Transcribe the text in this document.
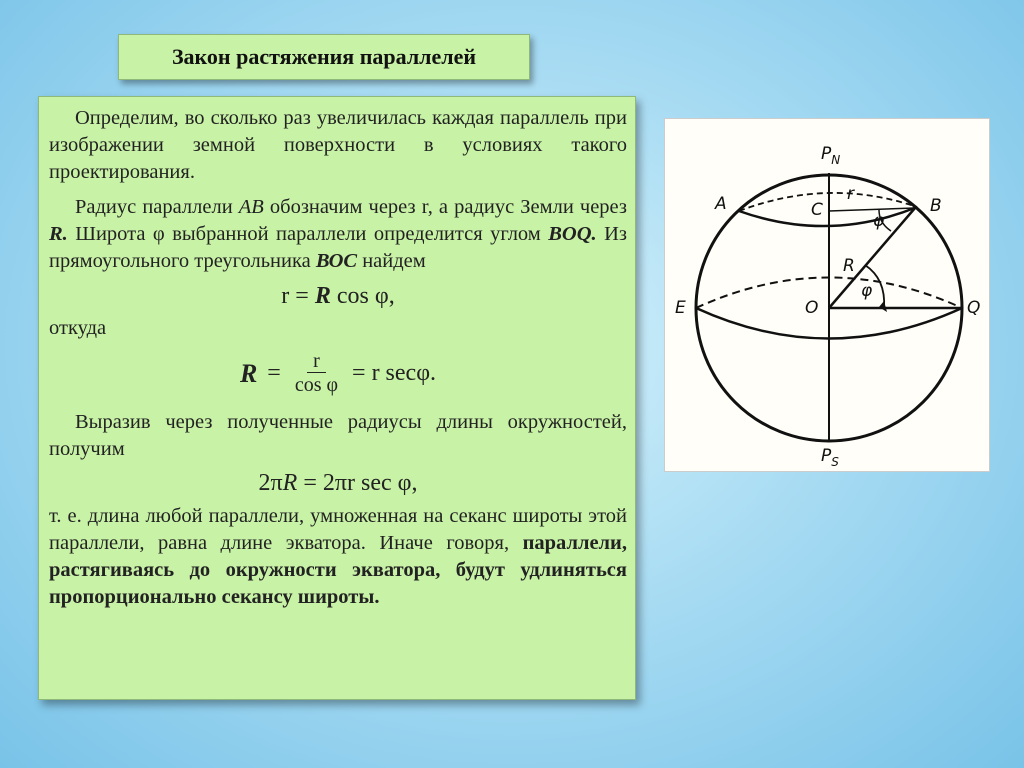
Закон растяжения параллелей

Определим, во сколько раз увеличилась каждая параллель при изображении земной поверхности в условиях такого проектирования.

Радиус параллели АВ обозначим через r, а радиус Земли через R. Широта φ выбранной параллели определится углом BOQ. Из прямоугольного треугольника ВОС найдем

r = R cos φ,
откуда
$R = \frac{r}{\text{cos φ}} = r$ secφ.

Выразив через полученные радиусы длины окружностей, получим

2πR = 2πr sec φ,

т. е. длина любой параллели, умноженная на секанс широты этой параллели, равна длине экватора. Иначе говоря, параллели, растягиваясь до окружности экватора, будут удлиняться пропорционально секансу широты.

$P_N$
$P_S$
A	B
C
r
R
φ
φ
O
E	Q
